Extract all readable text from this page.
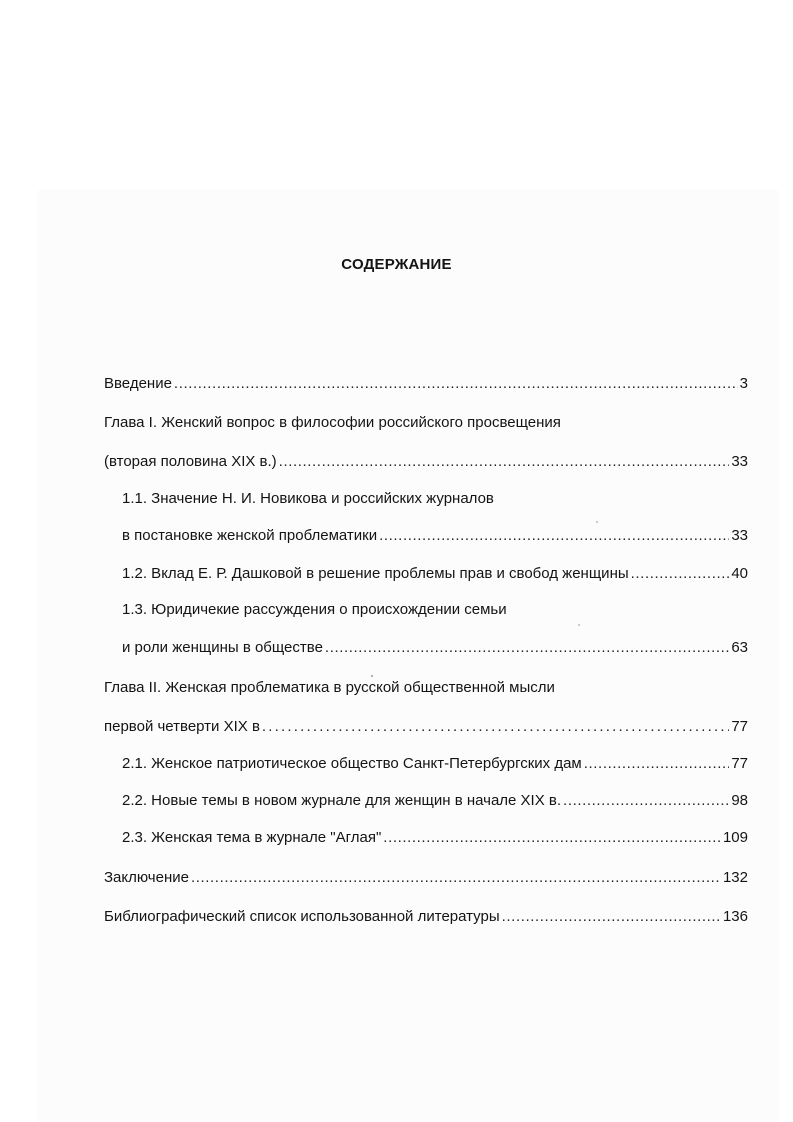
СОДЕРЖАНИЕ
Введение .....	3
Глава I. Женский вопрос в философии российского просвещения
(вторая половина XIX в.) .....	33
1.1. Значение Н. И. Новикова и российских журналов
в постановке женской проблематики .....	33
1.2. Вклад Е. Р. Дашковой в решение проблемы прав и свобод женщины .....	40
1.3. Юридичекие рассуждения о происхождении семьи
и роли женщины в обществе .....	63
Глава II. Женская проблематика в русской общественной мысли
первой четверти XIX в .....	77
2.1. Женское патриотическое общество Санкт-Петербургских дам .....	77
2.2. Новые темы в новом журнале для женщин в начале XIX в. .....	98
2.3. Женская тема в журнале "Аглая" .....	109
Заключение .....	132
Библиографический список использованной литературы .....	136
